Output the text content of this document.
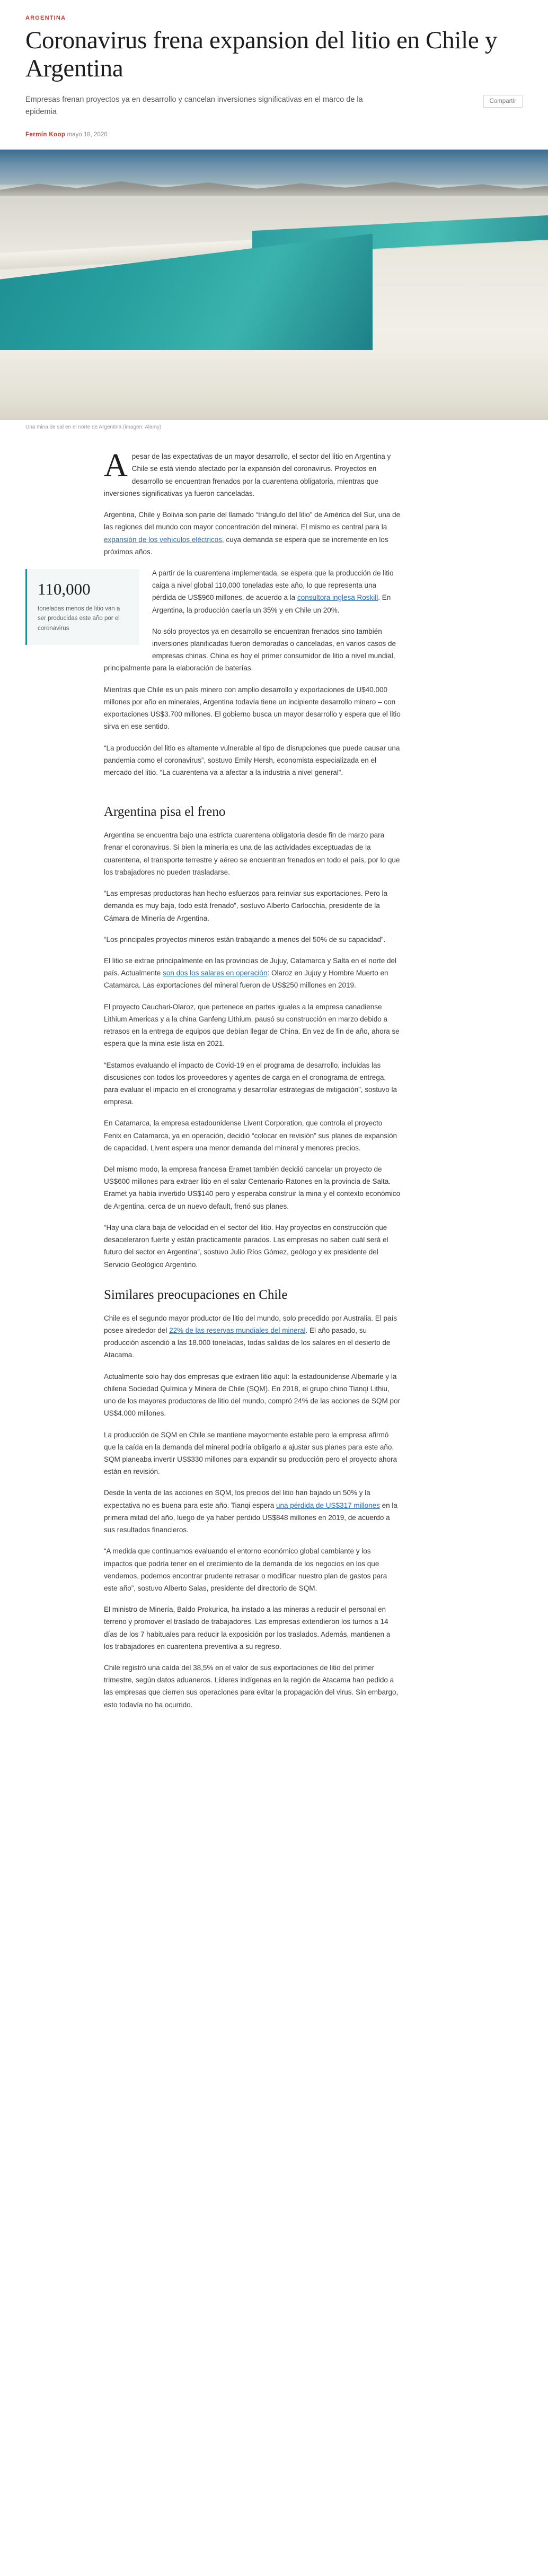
ARGENTINA
Coronavirus frena expansion del litio en Chile y Argentina

Empresas frenan proyectos ya en desarrollo y cancelan inversiones significativas en el marco de la epidemia

Compartir
Fermín Koop mayo 18, 2020
Una mina de sal en el norte de Argentina (imagen: Alamy)

A pesar de las expectativas de un mayor desarrollo, el sector del litio en Argentina y Chile se está viendo afectado por la expansión del coronavirus. Proyectos en desarrollo se encuentran frenados por la cuarentena obligatoria, mientras que inversiones significativas ya fueron canceladas.

Argentina, Chile y Bolivia son parte del llamado “triángulo del litio” de América del Sur, una de las regiones del mundo con mayor concentración del mineral. El mismo es central para la expansión de los vehículos eléctricos, cuya demanda se espera que se incremente en los próximos años.

110,000
toneladas menos de litio van a ser producidas este año por el coronavirus

A partir de la cuarentena implementada, se espera que la producción de litio caiga a nivel global 110,000 toneladas este año, lo que representa una pérdida de US$960 millones, de acuerdo a la consultora inglesa Roskill. En Argentina, la producción caería un 35% y en Chile un 20%.

No sólo proyectos ya en desarrollo se encuentran frenados sino también inversiones planificadas fueron demoradas o canceladas, en varios casos de empresas chinas. China es hoy el primer consumidor de litio a nivel mundial, principalmente para la elaboración de baterías.

Mientras que Chile es un país minero con amplio desarrollo y exportaciones de U$40.000 millones por año en minerales, Argentina todavía tiene un incipiente desarrollo minero – con exportaciones US$3.700 millones. El gobierno busca un mayor desarrollo y espera que el litio sirva en ese sentido.

“La producción del litio es altamente vulnerable al tipo de disrupciones que puede causar una pandemia como el coronavirus”, sostuvo Emily Hersh, economista especializada en el mercado del litio. “La cuarentena va a afectar a la industria a nivel general”.

Argentina pisa el freno

Argentina se encuentra bajo una estricta cuarentena obligatoria desde fin de marzo para frenar el coronavirus. Si bien la minería es una de las actividades exceptuadas de la cuarentena, el transporte terrestre y aéreo se encuentran frenados en todo el país, por lo que los trabajadores no pueden trasladarse.

“Las empresas productoras han hecho esfuerzos para reinviar sus exportaciones. Pero la demanda es muy baja, todo está frenado”, sostuvo Alberto Carlocchia, presidente de la Cámara de Minería de Argentina.

“Los principales proyectos mineros están trabajando a menos del 50% de su capacidad”.

El litio se extrae principalmente en las provincias de Jujuy, Catamarca y Salta en el norte del país. Actualmente son dos los salares en operación: Olaroz en Jujuy y Hombre Muerto en Catamarca. Las exportaciones del mineral fueron de US$250 millones en 2019.

El proyecto Cauchari-Olaroz, que pertenece en partes iguales a la empresa canadiense Lithium Americas y a la china Ganfeng Lithium, pausó su construcción en marzo debido a retrasos en la entrega de equipos que debían llegar de China. En vez de fin de año, ahora se espera que la mina este lista en 2021.

“Estamos evaluando el impacto de Covid-19 en el programa de desarrollo, incluidas las discusiones con todos los proveedores y agentes de carga en el cronograma de entrega, para evaluar el impacto en el cronograma y desarrollar estrategias de mitigación”, sostuvo la empresa.

En Catamarca, la empresa estadounidense Livent Corporation, que controla el proyecto Fenix en Catamarca, ya en operación, decidió “colocar en revisión” sus planes de expansión de capacidad. Livent espera una menor demanda del mineral y menores precios.

Del mismo modo, la empresa francesa Eramet también decidió cancelar un proyecto de US$600 millones para extraer litio en el salar Centenario-Ratones en la provincia de Salta. Eramet ya había invertido US$140 pero y esperaba construir la mina y el contexto económico de Argentina, cerca de un nuevo default, frenó sus planes.

“Hay una clara baja de velocidad en el sector del litio. Hay proyectos en construcción que desaceleraron fuerte y están practicamente parados. Las empresas no saben cuál será el futuro del sector en Argentina”, sostuvo Julio Ríos Gómez, geólogo y ex presidente del Servicio Geológico Argentino.

Similares preocupaciones en Chile

Chile es el segundo mayor productor de litio del mundo, solo precedido por Australia. El país posee alrededor del 22% de las reservas mundiales del mineral. El año pasado, su producción ascendió a las 18.000 toneladas, todas salidas de los salares en el desierto de Atacama.

Actualmente solo hay dos empresas que extraen litio aquí: la estadounidense Albemarle y la chilena Sociedad Química y Minera de Chile (SQM). En 2018, el grupo chino Tianqi Lithiu, uno de los mayores productores de litio del mundo, compró 24% de las acciones de SQM por US$4.000 millones.

La producción de SQM en Chile se mantiene mayormente estable pero la empresa afirmó que la caída en la demanda del mineral podría obligarlo a ajustar sus planes para este año. SQM planeaba invertir US$330 millones para expandir su producción pero el proyecto ahora están en revisión.

Desde la venta de las acciones en SQM, los precios del litio han bajado un 50% y la expectativa no es buena para este año. Tianqi espera una pérdida de US$317 millones en la primera mitad del año, luego de ya haber perdido US$848 millones en 2019, de acuerdo a sus resultados financieros.

“A medida que continuamos evaluando el entorno económico global cambiante y los impactos que podría tener en el crecimiento de la demanda de los negocios en los que vendemos, podemos encontrar prudente retrasar o modificar nuestro plan de gastos para este año”, sostuvo Alberto Salas, presidente del directorio de SQM.

El ministro de Minería, Baldo Prokurica, ha instado a las mineras a reducir el personal en terreno y promover el traslado de trabajadores. Las empresas extendieron los turnos a 14 días de los 7 habituales para reducir la exposición por los traslados. Además, mantienen a los trabajadores en cuarentena preventiva a su regreso.

Chile registró una caída del 38,5% en el valor de sus exportaciones de litio del primer trimestre, según datos aduaneros. Líderes indígenas en la región de Atacama han pedido a las empresas que cierren sus operaciones para evitar la propagación del virus. Sin embargo, esto todavía no ha ocurrido.
